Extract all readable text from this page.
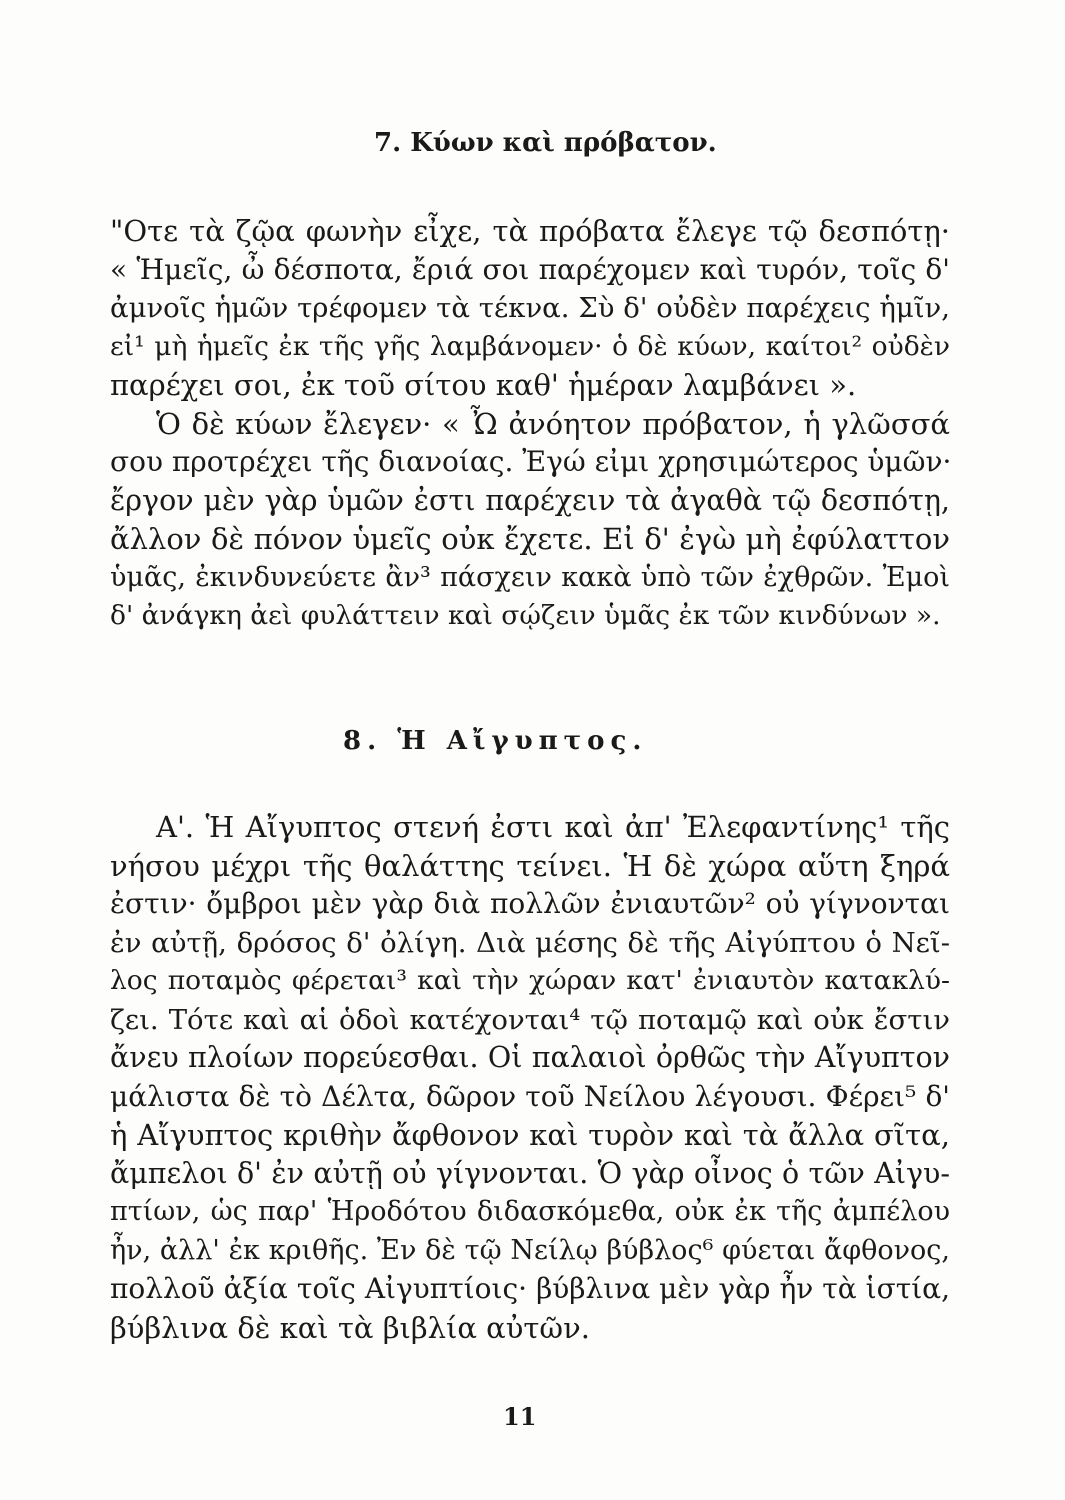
7. Κύων καὶ πρόβατον.
"Οτε τὰ ζῷα φωνὴν εἶχε, τὰ πρόβατα ἔλεγε τῷ δεσπότῃ·
« Ἡμεῖς, ὦ δέσποτα, ἔριά σοι παρέχομεν καὶ τυρόν, τοῖς δ'
ἀμνοῖς ἡμῶν τρέφομεν τὰ τέκνα. Σὺ δ' οὐδὲν παρέχεις ἡμῖν,
εἰ¹ μὴ ἡμεῖς ἐκ τῆς γῆς λαμβάνομεν· ὁ δὲ κύων, καίτοι² οὐδὲν
παρέχει σοι, ἐκ τοῦ σίτου καθ' ἡμέραν λαμβάνει ».
Ὁ δὲ κύων ἔλεγεν· « Ὦ ἀνόητον πρόβατον, ἡ γλῶσσά
σου προτρέχει τῆς διανοίας. Ἐγώ εἰμι χρησιμώτερος ὑμῶν·
ἔργον μὲν γὰρ ὑμῶν ἐστι παρέχειν τὰ ἀγαθὰ τῷ δεσπότῃ,
ἄλλον δὲ πόνον ὑμεῖς οὐκ ἔχετε. Εἰ δ' ἐγὼ μὴ ἐφύλαττον
ὑμᾶς, ἐκινδυνεύετε ἂν³ πάσχειν κακὰ ὑπὸ τῶν ἐχθρῶν. Ἐμοὶ
δ' ἀνάγκη ἀεὶ φυλάττειν καὶ σῴζειν ὑμᾶς ἐκ τῶν κινδύνων ».
8. Ἡ Αἴγυπτος.
Α'. Ἡ Αἴγυπτος στενή ἐστι καὶ ἀπ' Ἐλεφαντίνης¹ τῆς
νήσου μέχρι τῆς θαλάττης τείνει. Ἡ δὲ χώρα αὕτη ξηρά
ἐστιν· ὄμβροι μὲν γὰρ διὰ πολλῶν ἐνιαυτῶν² οὐ γίγνονται
ἐν αὐτῇ, δρόσος δ' ὀλίγη. Διὰ μέσης δὲ τῆς Αἰγύπτου ὁ Νεῖ-
λος ποταμὸς φέρεται³ καὶ τὴν χώραν κατ' ἐνιαυτὸν κατακλύ-
ζει. Τότε καὶ αἱ ὁδοὶ κατέχονται⁴ τῷ ποταμῷ καὶ οὐκ ἔστιν
ἄνευ πλοίων πορεύεσθαι. Οἱ παλαιοὶ ὀρθῶς τὴν Αἴγυπτον
μάλιστα δὲ τὸ Δέλτα, δῶρον τοῦ Νείλου λέγουσι. Φέρει⁵ δ'
ἡ Αἴγυπτος κριθὴν ἄφθονον καὶ τυρὸν καὶ τὰ ἄλλα σῖτα,
ἄμπελοι δ' ἐν αὐτῇ οὐ γίγνονται. Ὁ γὰρ οἶνος ὁ τῶν Αἰγυ-
πτίων, ὡς παρ' Ἡροδότου διδασκόμεθα, οὐκ ἐκ τῆς ἀμπέλου
ἦν, ἀλλ' ἐκ κριθῆς. Ἐν δὲ τῷ Νείλῳ βύβλος⁶ φύεται ἄφθονος,
πολλοῦ ἀξία τοῖς Αἰγυπτίοις· βύβλινα μὲν γὰρ ἦν τὰ ἱστία,
βύβλινα δὲ καὶ τὰ βιβλία αὐτῶν.
11
